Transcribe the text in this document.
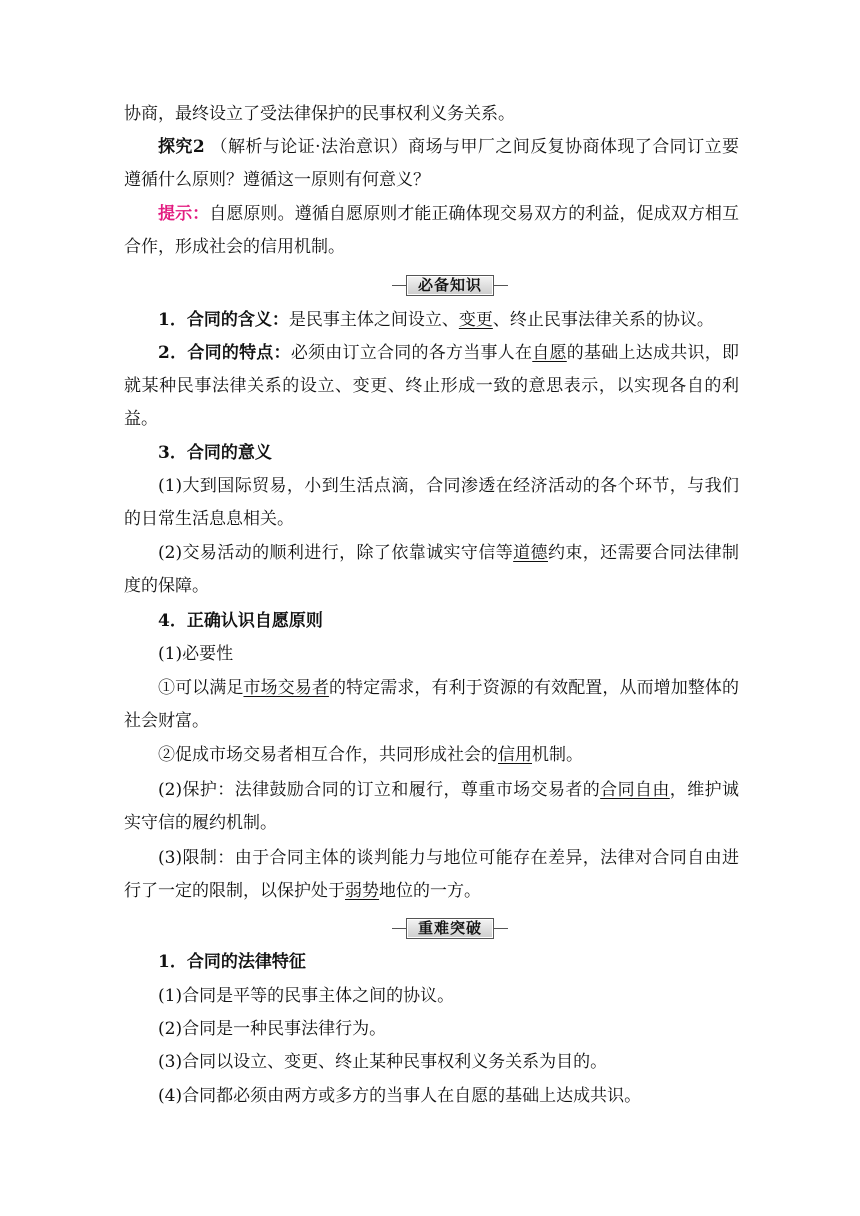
协商，最终设立了受法律保护的民事权利义务关系。

探究2 （解析与论证·法治意识）商场与甲厂之间反复协商体现了合同订立要遵循什么原则？遵循这一原则有何意义？

提示：自愿原则。遵循自愿原则才能正确体现交易双方的利益，促成双方相互合作，形成社会的信用机制。

必备知识

1．合同的含义：是民事主体之间设立、变更、终止民事法律关系的协议。

2．合同的特点：必须由订立合同的各方当事人在自愿的基础上达成共识，即就某种民事法律关系的设立、变更、终止形成一致的意思表示，以实现各自的利益。

3．合同的意义

(1)大到国际贸易，小到生活点滴，合同渗透在经济活动的各个环节，与我们的日常生活息息相关。

(2)交易活动的顺利进行，除了依靠诚实守信等道德约束，还需要合同法律制度的保障。

4．正确认识自愿原则

(1)必要性

①可以满足市场交易者的特定需求，有利于资源的有效配置，从而增加整体的社会财富。

②促成市场交易者相互合作，共同形成社会的信用机制。

(2)保护：法律鼓励合同的订立和履行，尊重市场交易者的合同自由，维护诚实守信的履约机制。

(3)限制：由于合同主体的谈判能力与地位可能存在差异，法律对合同自由进行了一定的限制，以保护处于弱势地位的一方。

重难突破

1．合同的法律特征

(1)合同是平等的民事主体之间的协议。

(2)合同是一种民事法律行为。

(3)合同以设立、变更、终止某种民事权利义务关系为目的。

(4)合同都必须由两方或多方的当事人在自愿的基础上达成共识。
